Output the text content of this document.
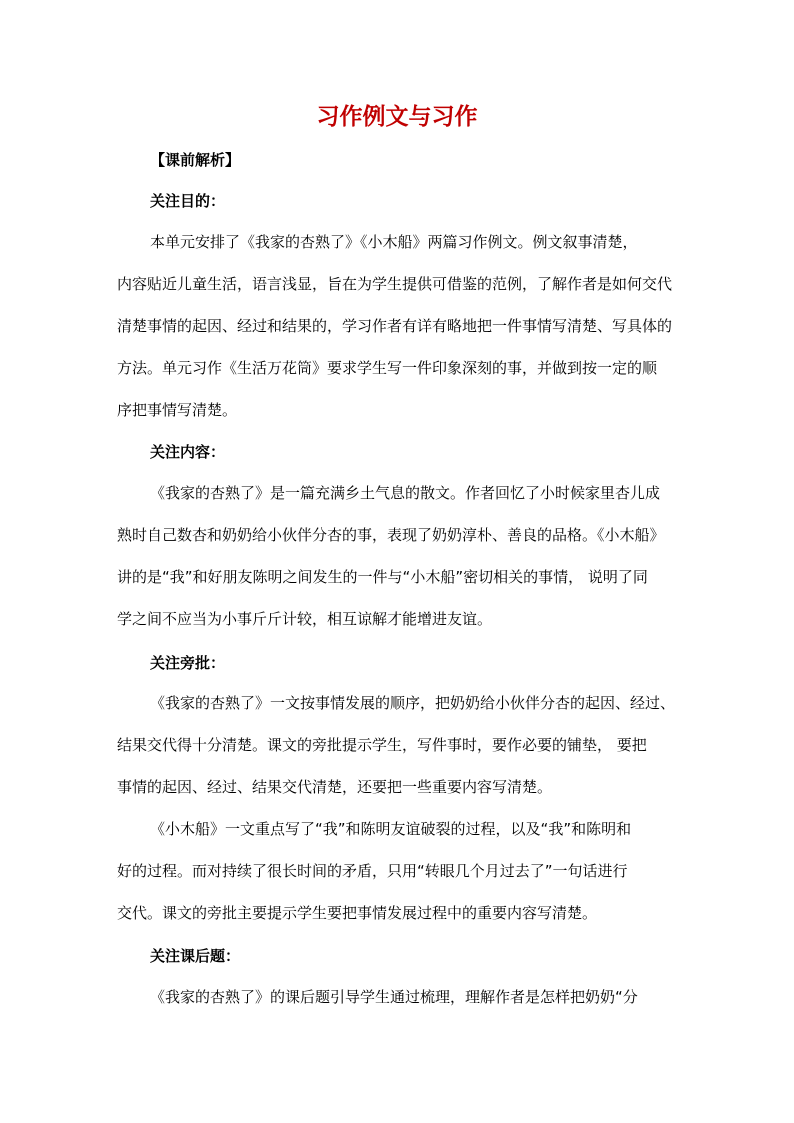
习作例文与习作
【课前解析】
关注目的：
本单元安排了《我家的杏熟了》《小木船》两篇习作例文。例文叙事清楚，
内容贴近儿童生活，语言浅显，旨在为学生提供可借鉴的范例，了解作者是如何交代
清楚事情的起因、经过和结果的，学习作者有详有略地把一件事情写清楚、写具体的
方法。单元习作《生活万花筒》要求学生写一件印象深刻的事，并做到按一定的顺
序把事情写清楚。
关注内容：
《我家的杏熟了》是一篇充满乡土气息的散文。作者回忆了小时候家里杏儿成
熟时自己数杏和奶奶给小伙伴分杏的事，表现了奶奶淳朴、善良的品格。《小木船》
讲的是“我”和好朋友陈明之间发生的一件与“小木船”密切相关的事情， 说明了同
学之间不应当为小事斤斤计较，相互谅解才能增进友谊。
关注旁批：
《我家的杏熟了》一文按事情发展的顺序，把奶奶给小伙伴分杏的起因、经过、
结果交代得十分清楚。课文的旁批提示学生，写件事时，要作必要的铺垫， 要把
事情的起因、经过、结果交代清楚，还要把一些重要内容写清楚。
《小木船》一文重点写了“我”和陈明友谊破裂的过程，以及“我”和陈明和
好的过程。而对持续了很长时间的矛盾，只用“转眼几个月过去了”一句话进行
交代。课文的旁批主要提示学生要把事情发展过程中的重要内容写清楚。
关注课后题：
《我家的杏熟了》的课后题引导学生通过梳理，理解作者是怎样把奶奶“分
